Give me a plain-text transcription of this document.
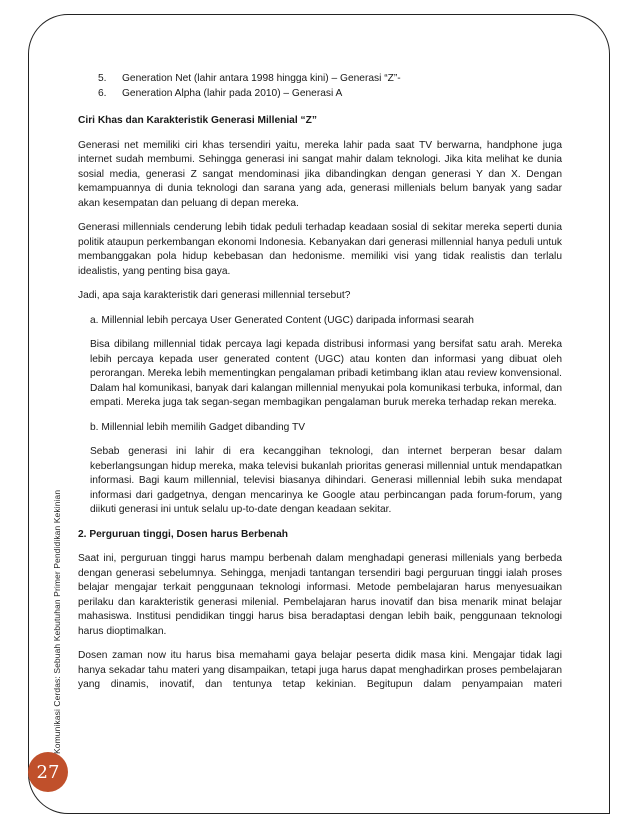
Komunikasi Cerdas: Sebuah Kebutuhan Primer Pendidikan Kekinian
27
5. Generation Net (lahir antara 1998 hingga kini) – Generasi “Z”-
6. Generation Alpha (lahir pada 2010) – Generasi A

Ciri Khas dan Karakteristik Generasi Millenial “Z”

Generasi net memiliki ciri khas tersendiri yaitu, mereka lahir pada saat TV berwarna, handphone juga internet sudah membumi. Sehingga generasi ini sangat mahir dalam teknologi. Jika kita melihat ke dunia sosial media, generasi Z sangat mendominasi jika dibandingkan dengan generasi Y dan X. Dengan kemampuannya di dunia teknologi dan sarana yang ada, generasi millenials belum banyak yang sadar akan kesempatan dan peluang di depan mereka.

Generasi millennials cenderung lebih tidak peduli terhadap keadaan sosial di sekitar mereka seperti dunia politik ataupun perkembangan ekonomi Indonesia. Kebanyakan dari generasi millennial hanya peduli untuk membanggakan pola hidup kebebasan dan hedonisme. memiliki visi yang tidak realistis dan terlalu idealistis, yang penting bisa gaya.

Jadi, apa saja karakteristik dari generasi millennial tersebut?

a. Millennial lebih percaya User Generated Content (UGC) daripada informasi searah

Bisa dibilang millennial tidak percaya lagi kepada distribusi informasi yang bersifat satu arah. Mereka lebih percaya kepada user generated content (UGC) atau konten dan informasi yang dibuat oleh perorangan. Mereka lebih mementingkan pengalaman pribadi ketimbang iklan atau review konvensional. Dalam hal komunikasi, banyak dari kalangan millennial menyukai pola komunikasi terbuka, informal, dan empati. Mereka juga tak segan-segan membagikan pengalaman buruk mereka terhadap rekan mereka.

b. Millennial lebih memilih Gadget dibanding TV

Sebab generasi ini lahir di era kecanggihan teknologi, dan internet berperan besar dalam keberlangsungan hidup mereka, maka televisi bukanlah prioritas generasi millennial untuk mendapatkan informasi. Bagi kaum millennial, televisi biasanya dihindari. Generasi millennial lebih suka mendapat informasi dari gadgetnya, dengan mencarinya ke Google atau perbincangan pada forum-forum, yang diikuti generasi ini untuk selalu up-to-date dengan keadaan sekitar.

2. Perguruan tinggi, Dosen harus Berbenah

Saat ini, perguruan tinggi harus mampu berbenah dalam menghadapi generasi millenials yang berbeda dengan generasi sebelumnya. Sehingga, menjadi tantangan tersendiri bagi perguruan tinggi ialah proses belajar mengajar terkait penggunaan teknologi informasi. Metode pembelajaran harus menyesuaikan perilaku dan karakteristik generasi milenial. Pembelajaran harus inovatif dan bisa menarik minat belajar mahasiswa. Institusi pendidikan tinggi harus bisa beradaptasi dengan lebih baik, penggunaan teknologi harus dioptimalkan.

Dosen zaman now itu harus bisa memahami gaya belajar peserta didik masa kini. Mengajar tidak lagi hanya sekadar tahu materi yang disampaikan, tetapi juga harus dapat menghadirkan proses pembelajaran yang dinamis, inovatif, dan tentunya tetap kekinian. Begitupun dalam penyampaian materi
